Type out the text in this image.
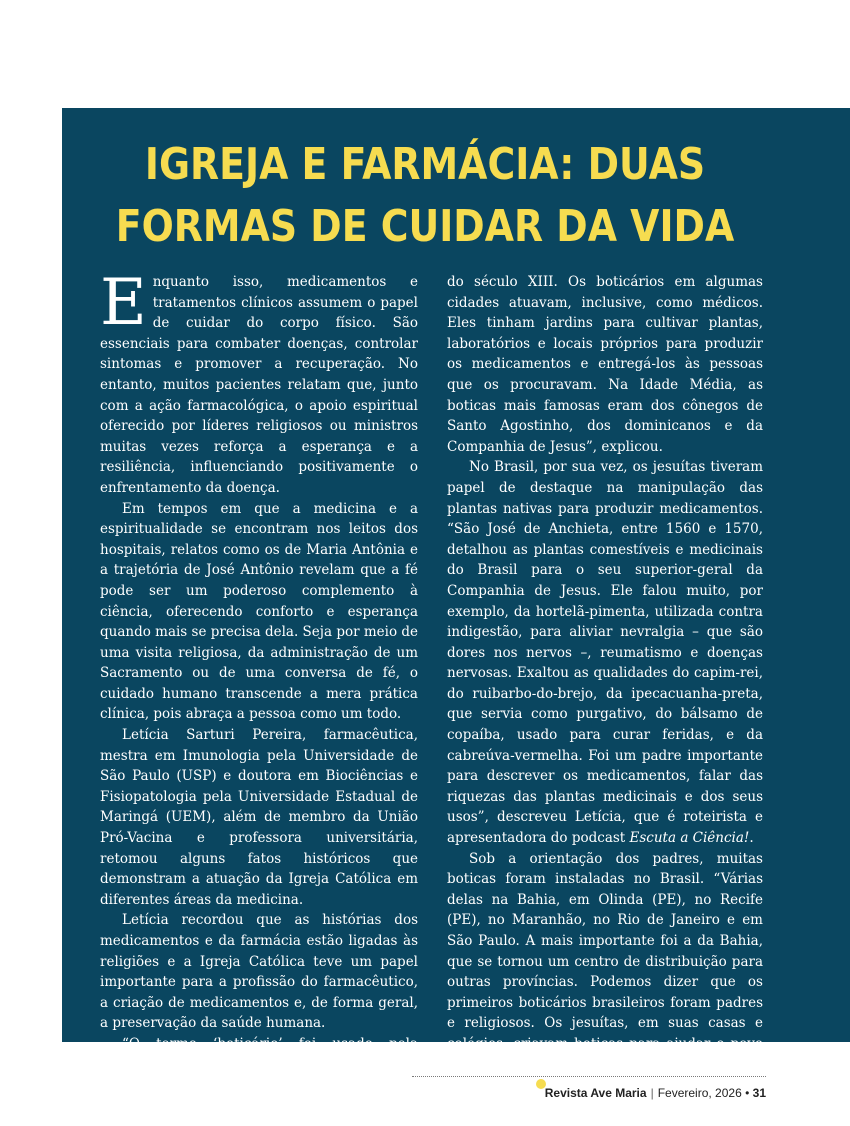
IGREJA E FARMÁCIA: DUAS
FORMAS DE CUIDAR DA VIDA

Enquanto isso, medicamentos e tratamentos clínicos assumem o papel de cuidar do corpo físico. São essenciais para combater doenças, controlar sintomas e promover a recuperação. No entanto, muitos pacientes relatam que, junto com a ação farmacológica, o apoio espiritual oferecido por líderes religiosos ou ministros muitas vezes reforça a esperança e a resiliência, influenciando positivamente o enfrentamento da doença.

Em tempos em que a medicina e a espiritualidade se encontram nos leitos dos hospitais, relatos como os de Maria Antônia e a trajetória de José Antônio revelam que a fé pode ser um poderoso complemento à ciência, oferecendo conforto e esperança quando mais se precisa dela. Seja por meio de uma visita religiosa, da administração de um Sacramento ou de uma conversa de fé, o cuidado humano transcende a mera prática clínica, pois abraça a pessoa como um todo.

Letícia Sarturi Pereira, farmacêutica, mestra em Imunologia pela Universidade de São Paulo (USP) e doutora em Biociências e Fisiopatologia pela Universidade Estadual de Maringá (UEM), além de membro da União Pró-Vacina e professora universitária, retomou alguns fatos históricos que demonstram a atuação da Igreja Católica em diferentes áreas da medicina.

Letícia recordou que as histórias dos medicamentos e da farmácia estão ligadas às religiões e a Igreja Católica teve um papel importante para a profissão do farmacêutico, a criação de medicamentos e, de forma geral, a preservação da saúde humana.

“O termo ‘boticário’ foi usado pela primeira vez pelo Papa Pelágio II, referindo-se a monges do século VI, e só foi aplicado a leigos por volta

do século XIII. Os boticários em algumas cidades atuavam, inclusive, como médicos. Eles tinham jardins para cultivar plantas, laboratórios e locais próprios para produzir os medicamentos e entregá-los às pessoas que os procuravam. Na Idade Média, as boticas mais famosas eram dos cônegos de Santo Agostinho, dos dominicanos e da Companhia de Jesus”, explicou.

No Brasil, por sua vez, os jesuítas tiveram papel de destaque na manipulação das plantas nativas para produzir medicamentos. “São José de Anchieta, entre 1560 e 1570, detalhou as plantas comestíveis e medicinais do Brasil para o seu superior-geral da Companhia de Jesus. Ele falou muito, por exemplo, da hortelã-pimenta, utilizada contra indigestão, para aliviar nevralgia – que são dores nos nervos –, reumatismo e doenças nervosas. Exaltou as qualidades do capim-rei, do ruibarbo-do-brejo, da ipecacuanha-preta, que servia como purgativo, do bálsamo de copaíba, usado para curar feridas, e da cabreúva-vermelha. Foi um padre importante para descrever os medicamentos, falar das riquezas das plantas medicinais e dos seus usos”, descreveu Letícia, que é roteirista e apresentadora do podcast Escuta a Ciência!.

Sob a orientação dos padres, muitas boticas foram instaladas no Brasil. “Várias delas na Bahia, em Olinda (PE), no Recife (PE), no Maranhão, no Rio de Janeiro e em São Paulo. A mais importante foi a da Bahia, que se tornou um centro de distribuição para outras províncias. Podemos dizer que os primeiros boticários brasileiros foram padres e religiosos. Os jesuítas, em suas casas e colégios, criavam boticas para ajudar o povo a aliviar e curar as doenças à época”, finalizou ela. Revista Ave Maria | Fevereiro, 2026 • 31
